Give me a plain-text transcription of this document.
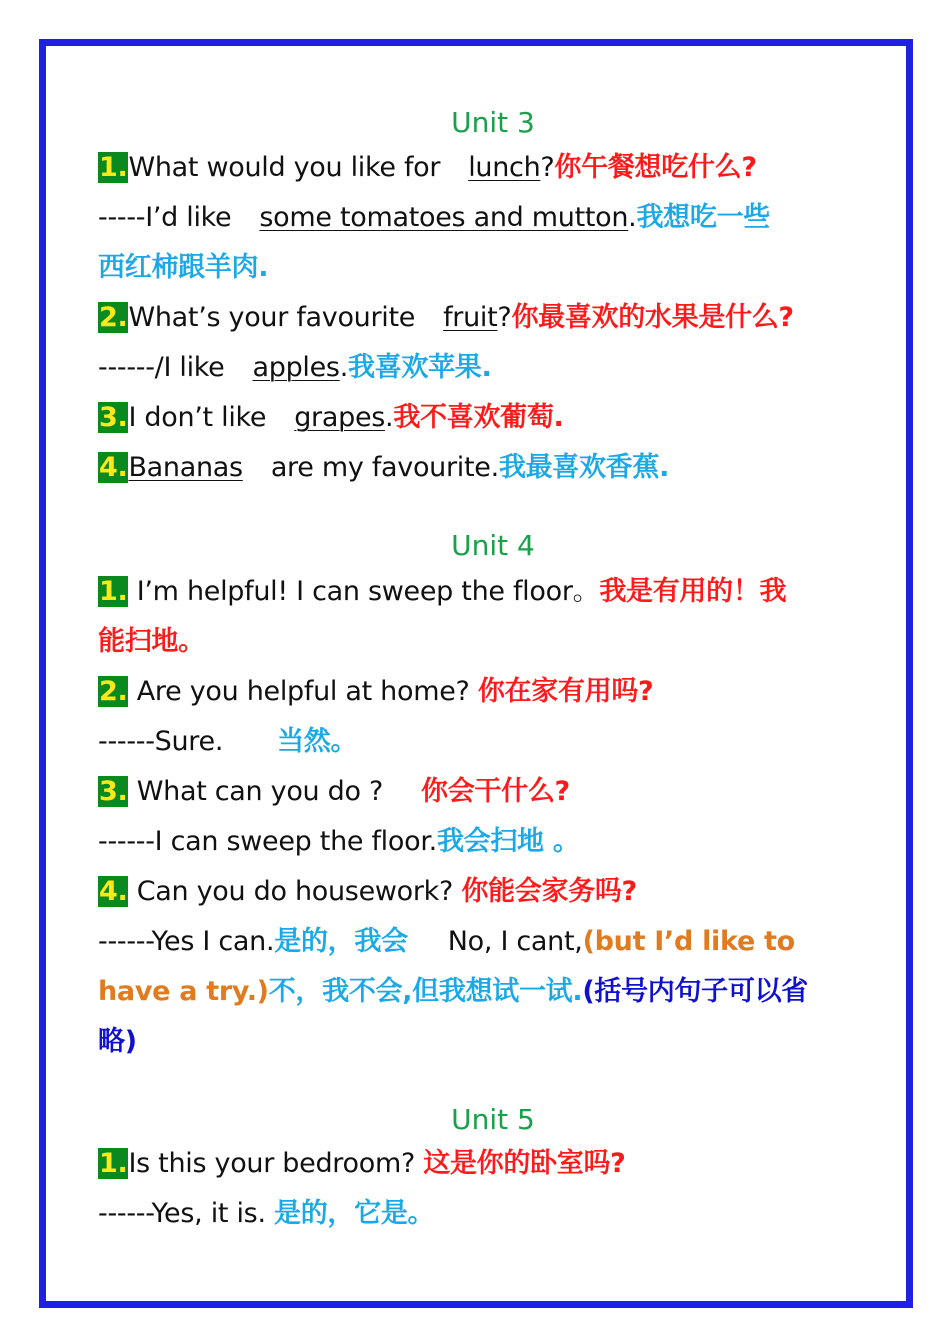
Unit 3
1.What would you like for lunch?你午餐想吃什么?
-----I’d like some tomatoes and mutton.我想吃一些
西红柿跟羊肉.
2.What’s your favourite fruit?你最喜欢的水果是什么?
------/I like apples.我喜欢苹果.
3.I don’t like grapes.我不喜欢葡萄.
4.Bananas are my favourite.我最喜欢香蕉.
Unit 4
1. I’m helpful! I can sweep the floor。我是有用的！我
能扫地。
2. Are you helpful at home? 你在家有用吗?
------Sure. 当然。
3. What can you do ? 你会干什么?
------I can sweep the floor.我会扫地 。
4. Can you do housework? 你能会家务吗?
------Yes I can.是的，我会 No, I cant,(but I’d like to
have a try.)不，我不会,但我想试一试.(括号内句子可以省
略)
Unit 5
1.Is this your bedroom? 这是你的卧室吗?
------Yes, it is. 是的，它是。
